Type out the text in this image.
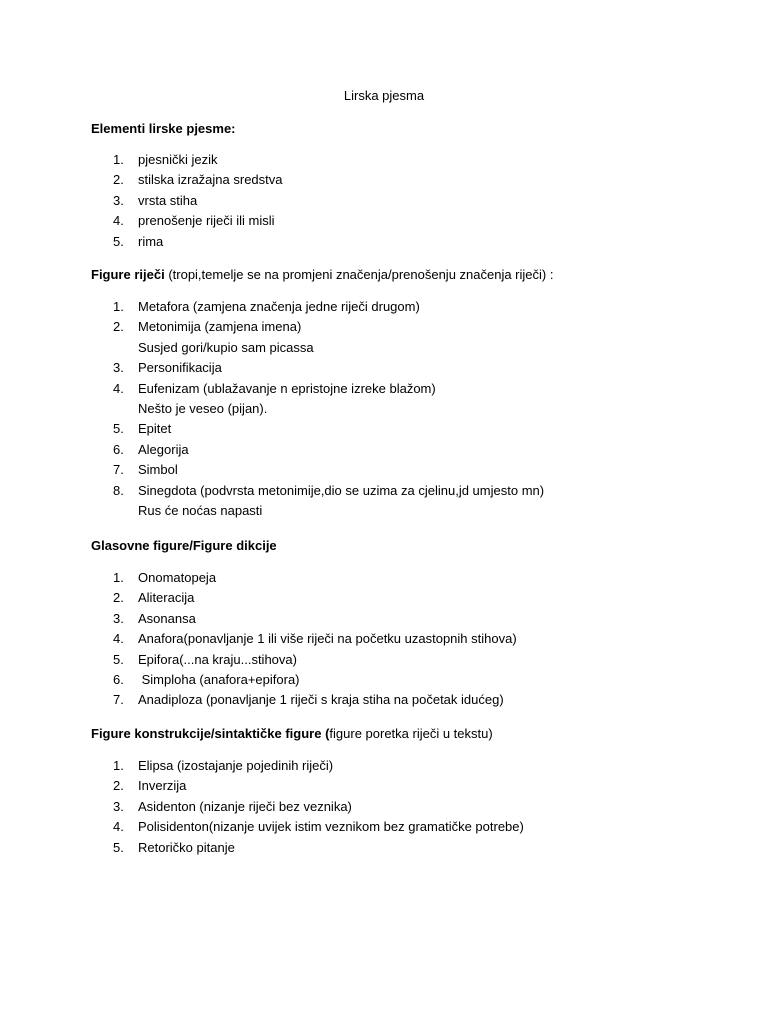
Lirska pjesma
Elementi lirske pjesme:
1. pjesnički jezik
2. stilska izražajna sredstva
3. vrsta stiha
4. prenošenje riječi ili misli
5. rima
Figure riječi (tropi,temelje se na promjeni značenja/prenošenju značenja riječi) :
1. Metafora (zamjena značenja jedne riječi drugom)
2. Metonimija (zamjena imena)
Susjed gori/kupio sam picassa
3. Personifikacija
4. Eufenizam (ublažavanje n epristojne izreke blažom)
Nešto je veseo (pijan).
5. Epitet
6. Alegorija
7. Simbol
8. Sinegdota (podvrsta metonimije,dio se uzima za cjelinu,jd umjesto mn)
Rus će noćas napasti
Glasovne figure/Figure dikcije
1. Onomatopeja
2. Aliteracija
3. Asonansa
4. Anafora(ponavljanje 1 ili više riječi na početku uzastopnih stihova)
5. Epifora(...na kraju...stihova)
6. Simploha (anafora+epifora)
7. Anadiploza (ponavljanje 1 riječi s kraja stiha na početak idućeg)
Figure konstrukcije/sintaktičke figure (figure poretka riječi u tekstu)
1. Elipsa (izostajanje pojedinih riječi)
2. Inverzija
3. Asidenton (nizanje riječi bez veznika)
4. Polisidenton(nizanje uvijek istim veznikom bez gramatičke potrebe)
5. Retoričko pitanje
